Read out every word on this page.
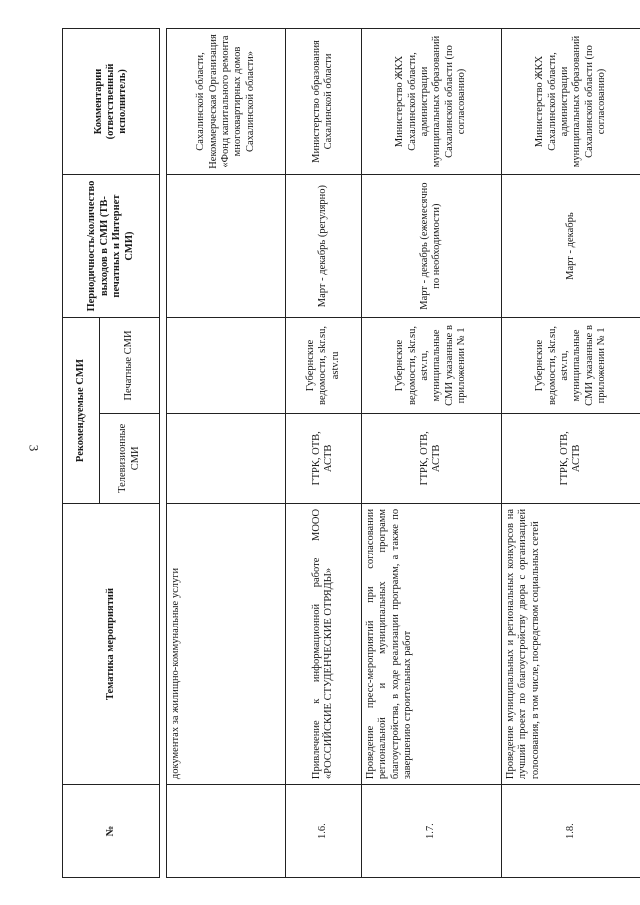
3
№	Тематика мероприятий	Рекомендуемые СМИ		Периодичность/количество выходов в СМИ (ТВ-печатных и Интернет СМИ)	Комментарии (ответственный исполнитель)
		Телевизионные СМИ	Печатные СМИ		

	документах за жилищно-коммунальные услуги				Сахалинской области, Некоммерческая Организация «Фонд капитального ремонта многоквартирных домов Сахалинской области»
1.6.	Привлечение к информационной работе МООО «РОССИЙСКИЕ СТУДЕНЧЕСКИЕ ОТРЯДЫ»	ГТРК, ОТВ, АСТВ	Губернские ведомости, skr.su, astv.ru	Март - декабрь (регулярно)	Министерство образования Сахалинской области
1.7.	Проведение пресс-мероприятий при согласовании региональной и муниципальных программ благоустройства, в ходе реализации программ, а также по завершению строительных работ	ГТРК, ОТВ, АСТВ	Губернские ведомости, skr.su, astv.ru, муниципальные СМИ указанные в приложении № 1	Март - декабрь (ежемесячно по необходимости)	Министерство ЖКХ Сахалинской области, администрации муниципальных образований Сахалинской области (по согласованию)
1.8.	Проведение муниципальных и региональных конкурсов на лучший проект по благоустройству двора с организацией голосования, в том числе, посредством социальных сетей	ГТРК, ОТВ, АСТВ	Губернские ведомости, skr.su, astv.ru, муниципальные СМИ указанные в приложении № 1	Март - декабрь	Министерство ЖКХ Сахалинской области, администрации муниципальных образований Сахалинской области (по согласованию)
